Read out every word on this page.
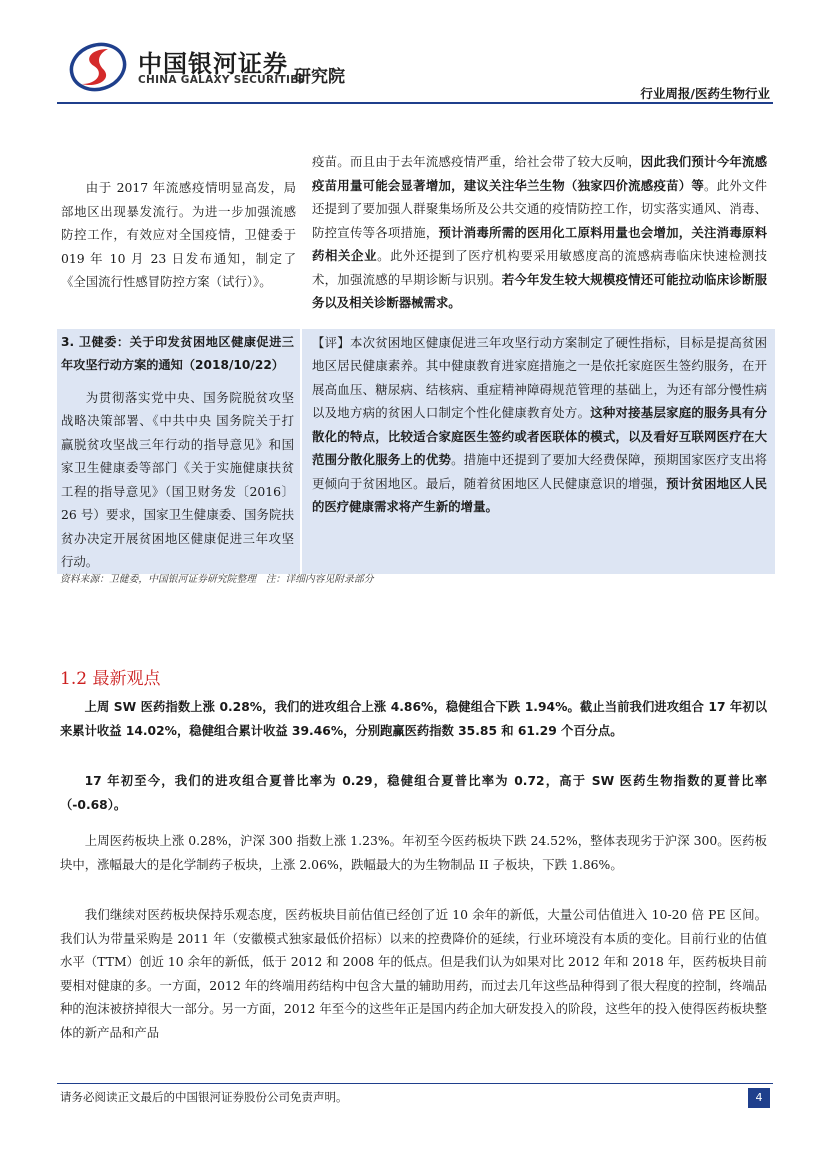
中国银河证券
CHINA GALAXY SECURITIES
研究院
行业周报/医药生物行业
由于 2017 年流感疫情明显高发，局部地区出现暴发流行。为进一步加强流感防控工作，有效应对全国疫情，卫健委于 019 年 10 月 23 日发布通知，制定了《全国流行性感冒防控方案（试行）》。
疫苗。而且由于去年流感疫情严重，给社会带了较大反响，因此我们预计今年流感疫苗用量可能会显著增加，建议关注华兰生物（独家四价流感疫苗）等。此外文件还提到了要加强人群聚集场所及公共交通的疫情防控工作，切实落实通风、消毒、防控宣传等各项措施，预计消毒所需的医用化工原料用量也会增加，关注消毒原料药相关企业。此外还提到了医疗机构要采用敏感度高的流感病毒临床快速检测技术，加强流感的早期诊断与识别。若今年发生较大规模疫情还可能拉动临床诊断服务以及相关诊断器械需求。
3. 卫健委：关于印发贫困地区健康促进三年攻坚行动方案的通知（2018/10/22）
为贯彻落实党中央、国务院脱贫攻坚战略决策部署、《中共中央 国务院关于打赢脱贫攻坚战三年行动的指导意见》和国家卫生健康委等部门《关于实施健康扶贫工程的指导意见》（国卫财务发〔2016〕26 号）要求，国家卫生健康委、国务院扶贫办决定开展贫困地区健康促进三年攻坚行动。
【评】本次贫困地区健康促进三年攻坚行动方案制定了硬性指标，目标是提高贫困地区居民健康素养。其中健康教育进家庭措施之一是依托家庭医生签约服务，在开展高血压、糖尿病、结核病、重症精神障碍规范管理的基础上，为还有部分慢性病以及地方病的贫困人口制定个性化健康教育处方。这种对接基层家庭的服务具有分散化的特点，比较适合家庭医生签约或者医联体的模式，以及看好互联网医疗在大范围分散化服务上的优势。措施中还提到了要加大经费保障，预期国家医疗支出将更倾向于贫困地区。最后，随着贫困地区人民健康意识的增强，预计贫困地区人民的医疗健康需求将产生新的增量。
资料来源：卫健委，中国银河证券研究院整理　注：详细内容见附录部分
1.2 最新观点
上周 SW 医药指数上涨 0.28%，我们的进攻组合上涨 4.86%，稳健组合下跌 1.94%。截止当前我们进攻组合 17 年初以来累计收益 14.02%，稳健组合累计收益 39.46%，分别跑赢医药指数 35.85 和 61.29 个百分点。
17 年初至今，我们的进攻组合夏普比率为 0.29，稳健组合夏普比率为 0.72，高于 SW 医药生物指数的夏普比率（-0.68）。
上周医药板块上涨 0.28%，沪深 300 指数上涨 1.23%。年初至今医药板块下跌 24.52%，整体表现劣于沪深 300。医药板块中，涨幅最大的是化学制药子板块，上涨 2.06%，跌幅最大的为生物制品 II 子板块，下跌 1.86%。
我们继续对医药板块保持乐观态度，医药板块目前估值已经创了近 10 余年的新低，大量公司估值进入 10-20 倍 PE 区间。我们认为带量采购是 2011 年（安徽模式独家最低价招标）以来的控费降价的延续，行业环境没有本质的变化。目前行业的估值水平（TTM）创近 10 余年的新低，低于 2012 和 2008 年的低点。但是我们认为如果对比 2012 年和 2018 年，医药板块目前要相对健康的多。一方面，2012 年的终端用药结构中包含大量的辅助用药，而过去几年这些品种得到了很大程度的控制，终端品种的泡沫被挤掉很大一部分。另一方面，2012 年至今的这些年正是国内药企加大研发投入的阶段，这些年的投入使得医药板块整体的新产品和产品
请务必阅读正文最后的中国银河证券股份公司免责声明。	4
